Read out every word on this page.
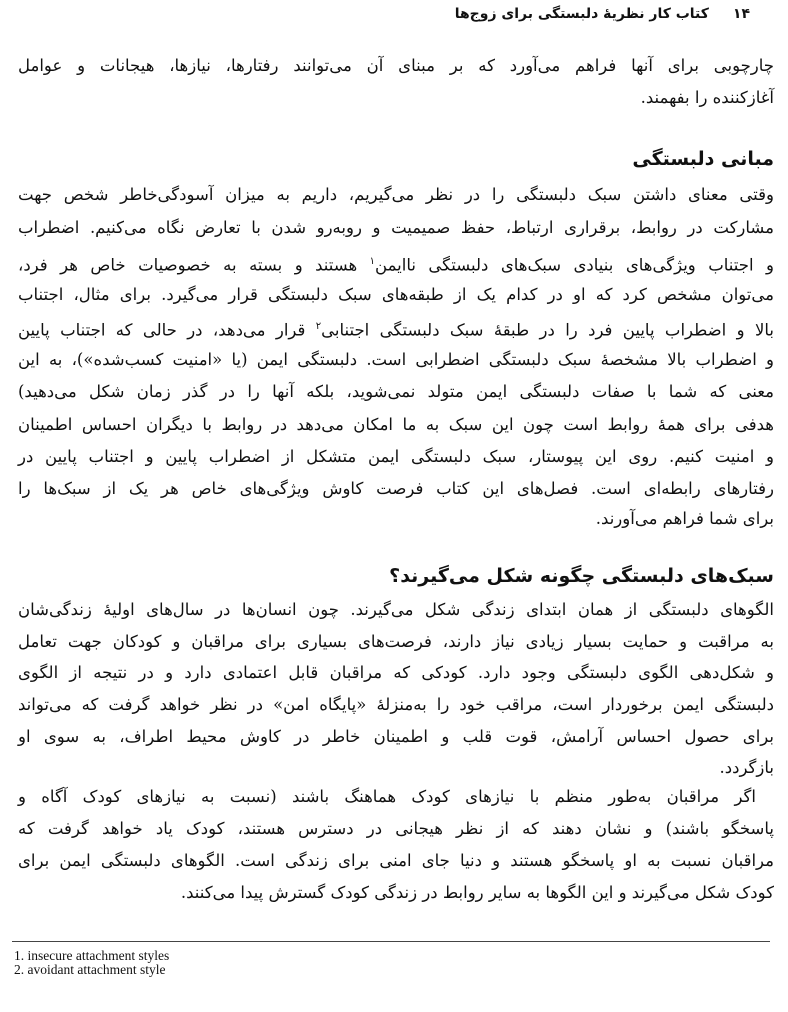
۱۴
کتاب کار نظریهٔ دلبستگی برای زوج‌ها
چارچوبی برای آنها فراهم می‌آورد که بر مبنای آن می‌توانند رفتارها، نیازها، هیجانات و عوامل
آغازکننده را بفهمند.
مبانی دلبستگی
وقتی معنای داشتن سبک دلبستگی را در نظر می‌گیریم، داریم به میزان آسودگی‌خاطر شخص جهت
مشارکت در روابط، برقراری ارتباط، حفظ صمیمیت و روبه‌رو شدن با تعارض نگاه می‌کنیم. اضطراب
و اجتناب ویژگی‌های بنیادی سبک‌های دلبستگی ناایمن$^۱$ هستند و بسته به خصوصیات خاص هر فرد،
می‌توان مشخص کرد که او در کدام یک از طبقه‌های سبک دلبستگی قرار می‌گیرد. برای مثال، اجتناب
بالا و اضطراب پایین فرد را در طبقهٔ سبک دلبستگی اجتنابی$^۲$ قرار می‌دهد، در حالی که اجتناب پایین
و اضطراب بالا مشخصهٔ سبک دلبستگی اضطرابی است. دلبستگی ایمن (یا «امنیت کسب‌شده»)، به این
معنی که شما با صفات دلبستگی ایمن متولد نمی‌شوید، بلکه آنها را در گذر زمان شکل می‌دهید)
هدفی برای همهٔ روابط است چون این سبک به ما امکان می‌دهد در روابط با دیگران احساس اطمینان
و امنیت کنیم. روی این پیوستار، سبک دلبستگی ایمن متشکل از اضطراب پایین و اجتناب پایین در
رفتارهای رابطه‌ای است. فصل‌های این کتاب فرصت کاوش ویژگی‌های خاص هر یک از سبک‌ها را
برای شما فراهم می‌آورند.
سبک‌های دلبستگی چگونه شکل می‌گیرند؟
الگوهای دلبستگی از همان ابتدای زندگی شکل می‌گیرند. چون انسان‌ها در سال‌های اولیهٔ زندگی‌شان
به مراقبت و حمایت بسیار زیادی نیاز دارند، فرصت‌های بسیاری برای مراقبان و کودکان جهت تعامل
و شکل‌دهی الگوی دلبستگی وجود دارد. کودکی که مراقبان قابل اعتمادی دارد و در نتیجه از الگوی
دلبستگی ایمن برخوردار است، مراقب خود را به‌منزلهٔ «پایگاه امن» در نظر خواهد گرفت که می‌تواند
برای حصول احساس آرامش، قوت قلب و اطمینان خاطر در کاوش محیط اطراف، به سوی او
بازگردد.
اگر مراقبان به‌طور منظم با نیازهای کودک هماهنگ باشند (نسبت به نیازهای کودک آگاه و
پاسخگو باشند) و نشان دهند که از نظر هیجانی در دسترس هستند، کودک یاد خواهد گرفت که
مراقبان نسبت به او پاسخگو هستند و دنیا جای امنی برای زندگی است. الگوهای دلبستگی ایمن برای
کودک شکل می‌گیرند و این الگوها به سایر روابط در زندگی کودک گسترش پیدا می‌کنند.
1. insecure attachment styles
2. avoidant attachment style
